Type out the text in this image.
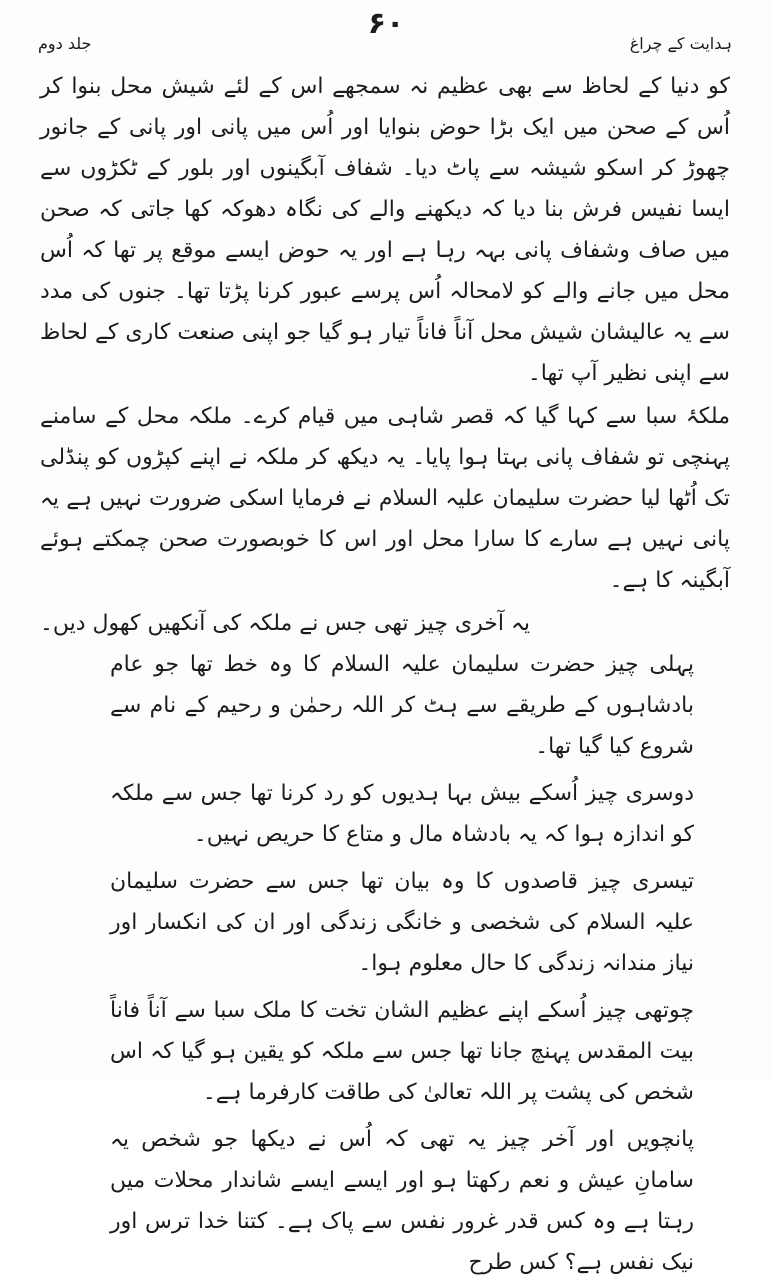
۶۰
جلد دوم	ہدایت کے چراغ

کو دنیا کے لحاظ سے بھی عظیم نہ سمجھے اس کے لئے شیش محل بنوا کر اُس کے صحن میں ایک بڑا حوض بنوایا اور اُس میں پانی اور پانی کے جانور چھوڑ کر اسکو شیشہ سے پاٹ دیا۔ شفاف آبگینوں اور بلور کے ٹکڑوں سے ایسا نفیس فرش بنا دیا کہ دیکھنے والے کی نگاہ دھوکہ کھا جاتی کہ صحن میں صاف وشفاف پانی بہہ رہا ہے اور یہ حوض ایسے موقع پر تھا کہ اُس محل میں جانے والے کو لامحالہ اُس پرسے عبور کرنا پڑتا تھا۔ جنوں کی مدد سے یہ عالیشان شیش محل آناً فاناً تیار ہو گیا جو اپنی صنعت کاری کے لحاظ سے اپنی نظیر آپ تھا۔

ملکۂ سبا سے کہا گیا کہ قصر شاہی میں قیام کرے۔ ملکہ محل کے سامنے پہنچی تو شفاف پانی بہتا ہوا پایا۔ یہ دیکھ کر ملکہ نے اپنے کپڑوں کو پنڈلی تک اُٹھا لیا حضرت سلیمان علیہ السلام نے فرمایا اسکی ضرورت نہیں ہے یہ پانی نہیں ہے سارے کا سارا محل اور اس کا خوبصورت صحن چمکتے ہوئے آبگینہ کا ہے۔

یہ آخری چیز تھی جس نے ملکہ کی آنکھیں کھول دیں۔

پہلی چیز حضرت سلیمان علیہ السلام کا وہ خط تھا جو عام بادشاہوں کے طریقے سے ہٹ کر اللہ رحمٰن و رحیم کے نام سے شروع کیا گیا تھا۔

دوسری چیز اُسکے بیش بہا ہدیوں کو رد کرنا تھا جس سے ملکہ کو اندازہ ہوا کہ یہ بادشاہ مال و متاع کا حریص نہیں۔

تیسری چیز قاصدوں کا وہ بیان تھا جس سے حضرت سلیمان علیہ السلام کی شخصی و خانگی زندگی اور ان کی انکسار اور نیاز مندانہ زندگی کا حال معلوم ہوا۔

چوتھی چیز اُسکے اپنے عظیم الشان تخت کا ملک سبا سے آناً فاناً بیت المقدس پہنچ جانا تھا جس سے ملکہ کو یقین ہو گیا کہ اس شخص کی پشت پر اللہ تعالیٰ کی طاقت کارفرما ہے۔

پانچویں اور آخر چیز یہ تھی کہ اُس نے دیکھا جو شخص یہ سامانِ عیش و نعم رکھتا ہو اور ایسے ایسے شاندار محلات میں رہتا ہے وہ کس قدر غرور نفس سے پاک ہے۔ کتنا خدا ترس اور نیک نفس ہے؟ کس طرح
